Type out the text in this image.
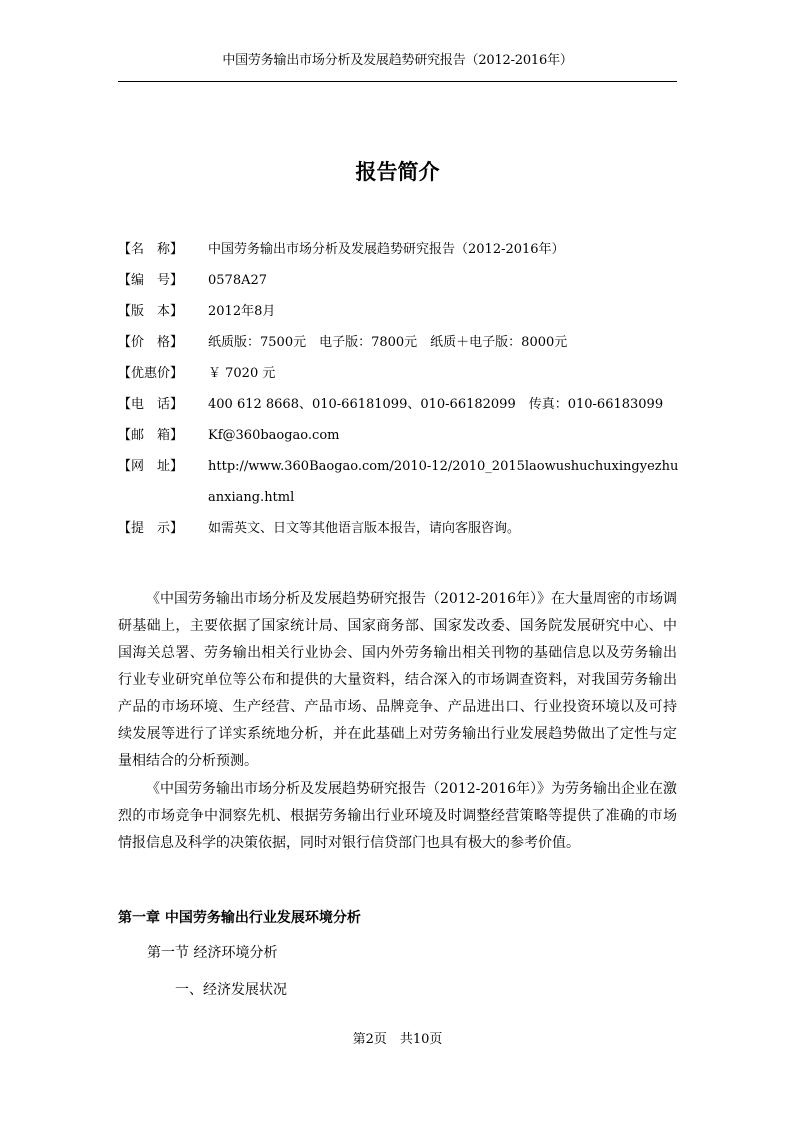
中国劳务输出市场分析及发展趋势研究报告（2012-2016年）
报告简介
【名　称】	中国劳务输出市场分析及发展趋势研究报告（2012-2016年）
【编　号】	0578A27
【版　本】	2012年8月
【价　格】	纸质版：7500元　电子版：7800元　纸质＋电子版：8000元
【优惠价】	￥ 7020 元
【电　话】	400 612 8668、010-66181099、010-66182099　传真：010-66183099
【邮　箱】	Kf@360baogao.com
【网　址】	http://www.360Baogao.com/2010-12/2010_2015laowushuchuxingyezhuanxiang.html
【提　示】	如需英文、日文等其他语言版本报告，请向客服咨询。

《中国劳务输出市场分析及发展趋势研究报告（2012-2016年）》在大量周密的市场调研基础上，主要依据了国家统计局、国家商务部、国家发改委、国务院发展研究中心、中国海关总署、劳务输出相关行业协会、国内外劳务输出相关刊物的基础信息以及劳务输出行业专业研究单位等公布和提供的大量资料，结合深入的市场调查资料，对我国劳务输出产品的市场环境、生产经营、产品市场、品牌竞争、产品进出口、行业投资环境以及可持续发展等进行了详实系统地分析，并在此基础上对劳务输出行业发展趋势做出了定性与定量相结合的分析预测。

《中国劳务输出市场分析及发展趋势研究报告（2012-2016年）》为劳务输出企业在激烈的市场竞争中洞察先机、根据劳务输出行业环境及时调整经营策略等提供了准确的市场情报信息及科学的决策依据，同时对银行信贷部门也具有极大的参考价值。

第一章 中国劳务输出行业发展环境分析
第一节 经济环境分析
一、经济发展状况
第2页　共10页
